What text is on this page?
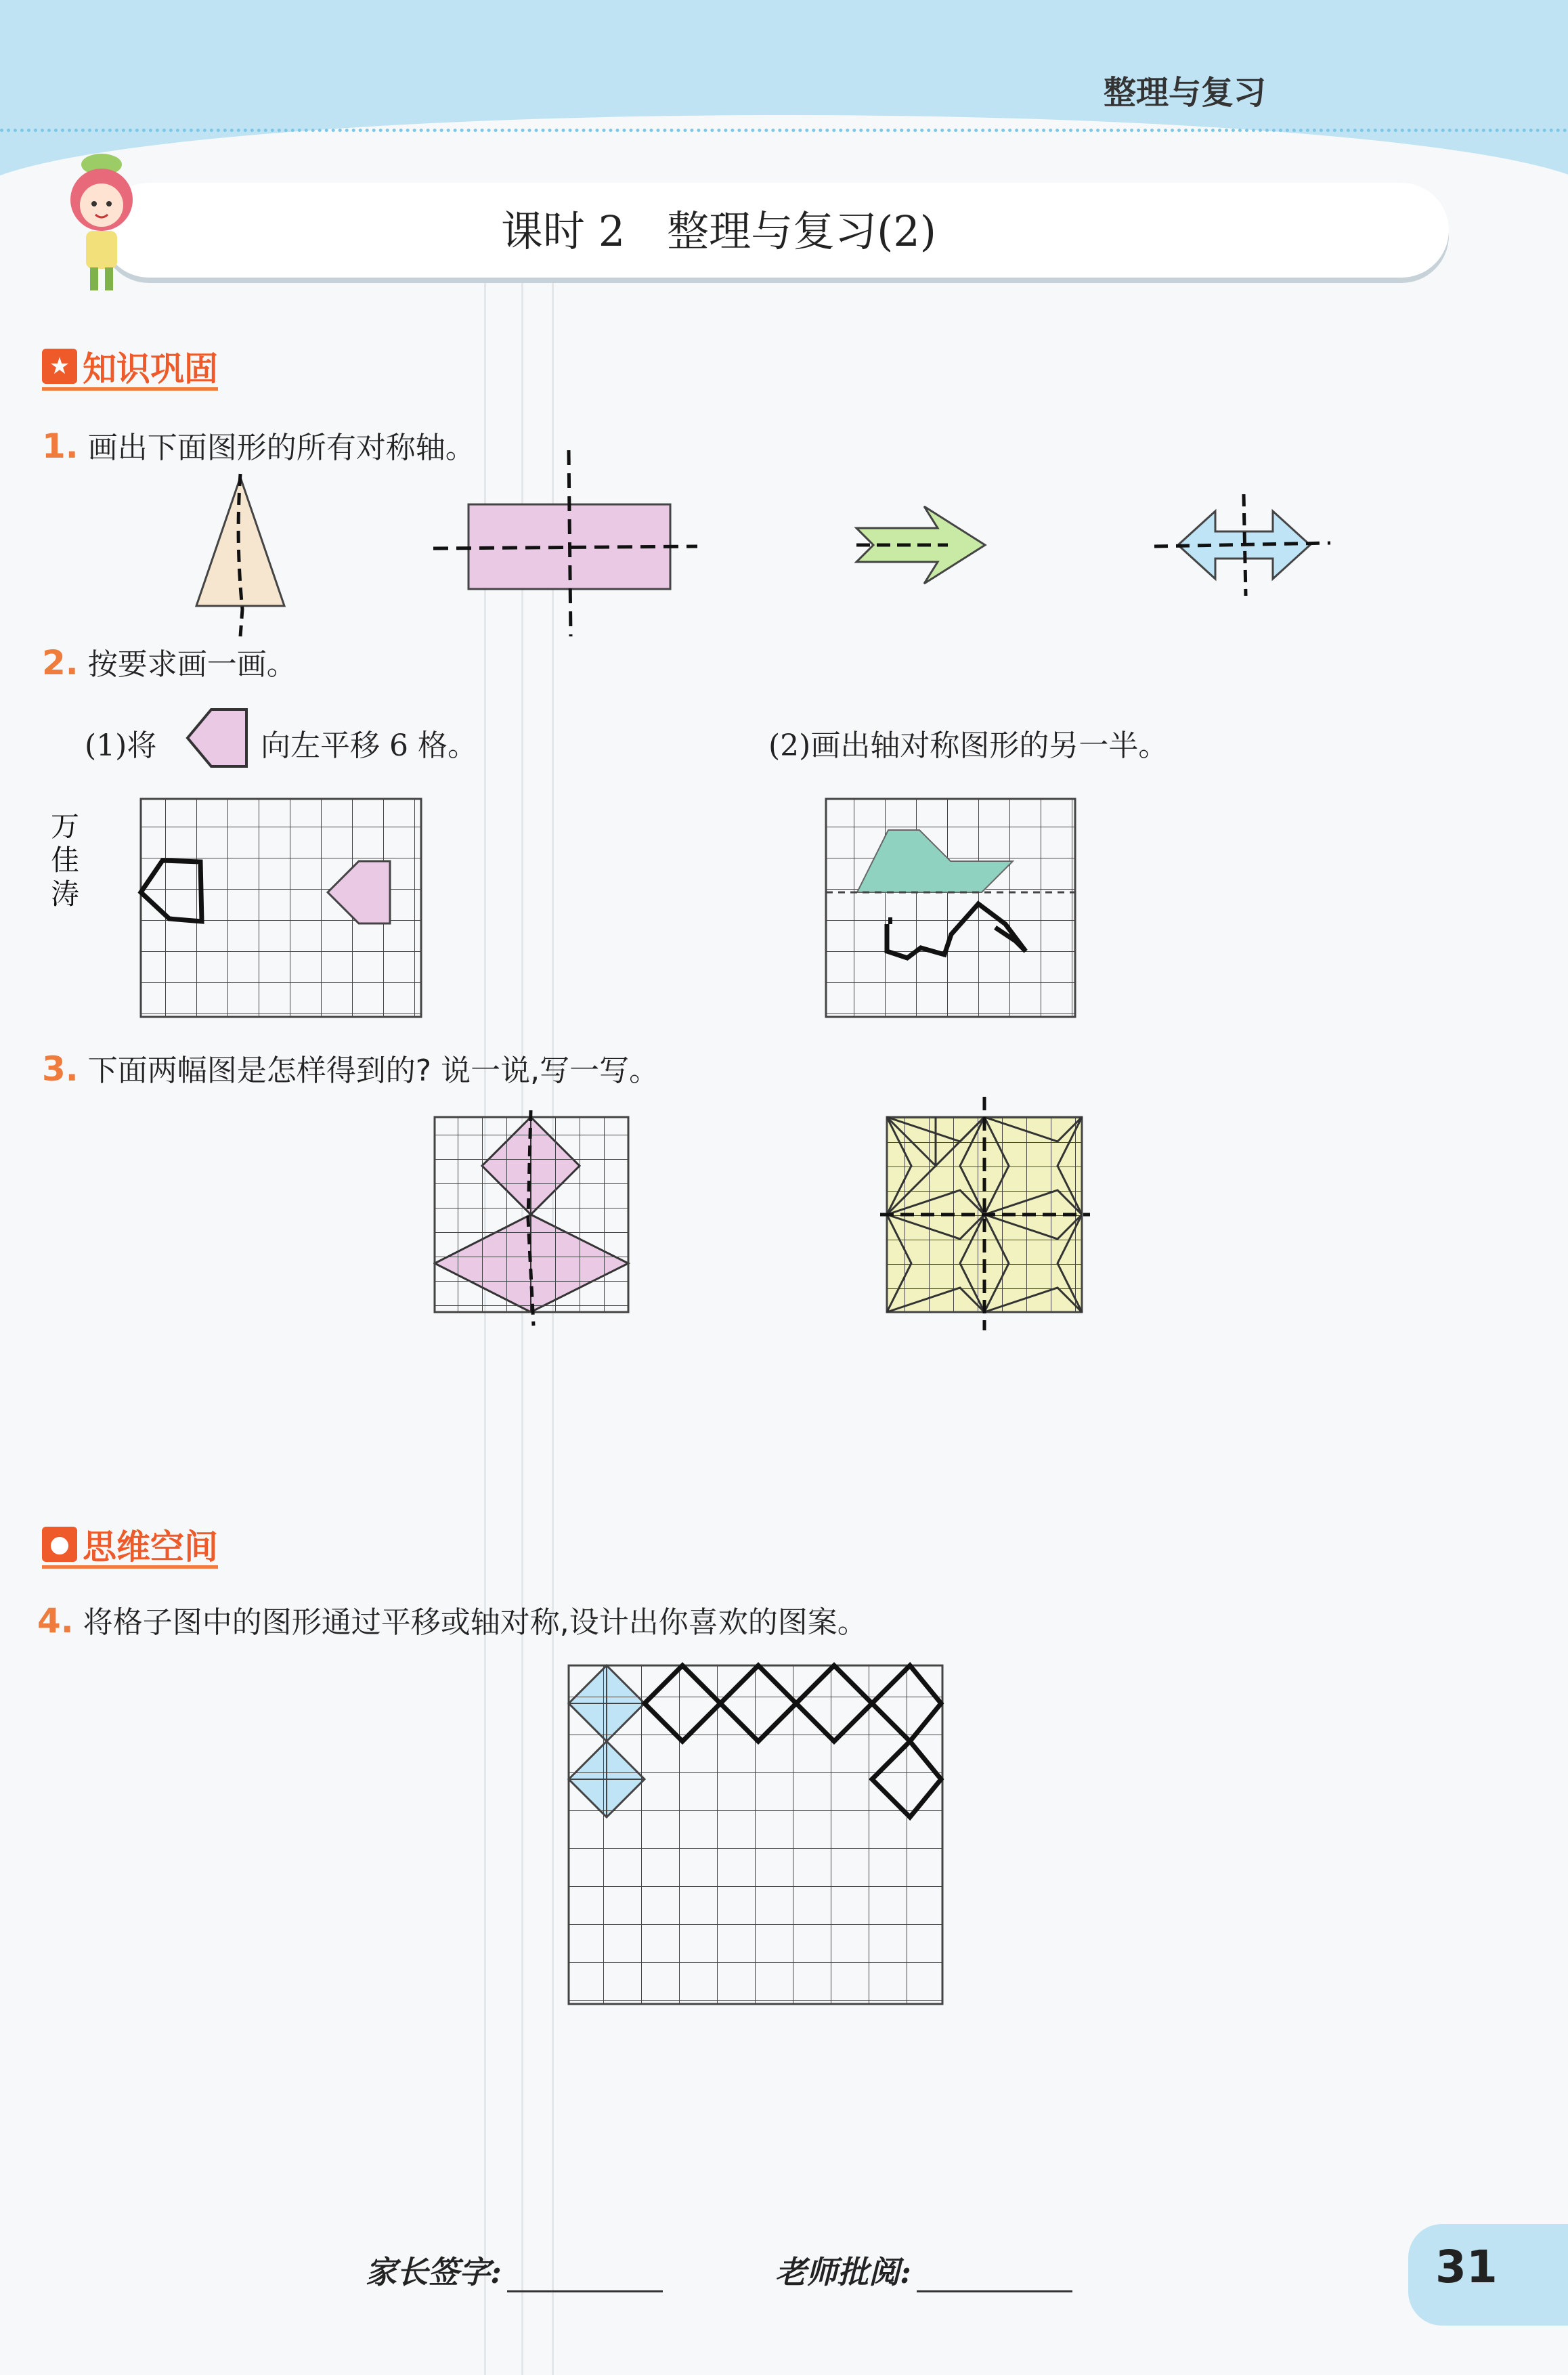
整理与复习
课时 2　整理与复习(2)
★ 知识巩固
1. 画出下面图形的所有对称轴。
2. 按要求画一画。
(1)将	向左平移 6 格。	(2)画出轴对称图形的另一半。
万
佳
涛
3. 下面两幅图是怎样得到的? 说一说,写一写。
● 思维空间
4. 将格子图中的图形通过平移或轴对称,设计出你喜欢的图案。
家长签字:	老师批阅:	31
